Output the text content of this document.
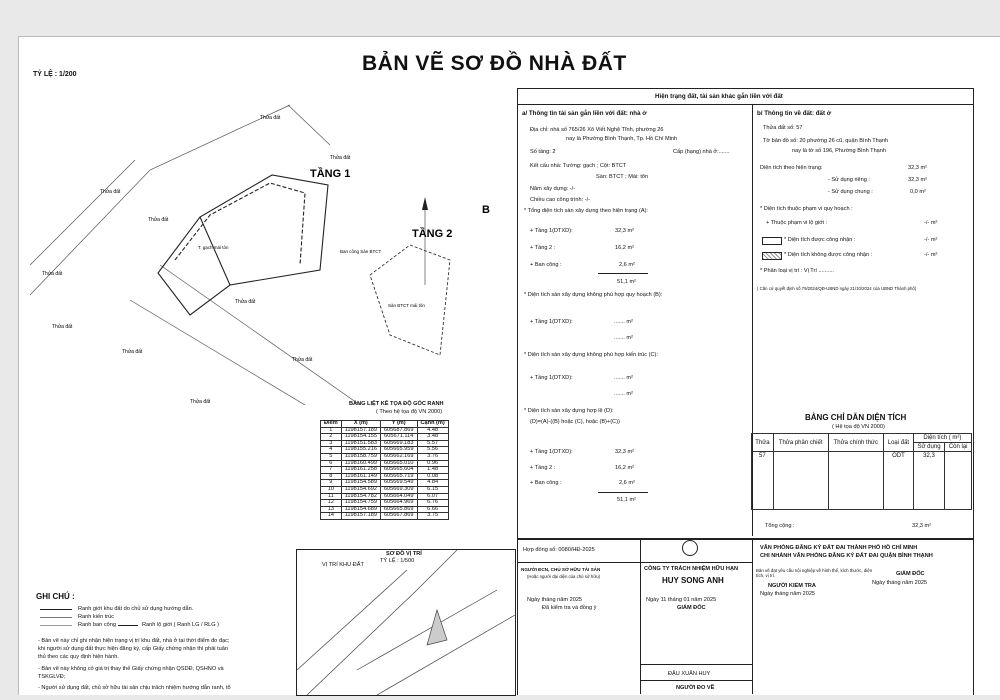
BẢN VẼ SƠ ĐỒ NHÀ ĐẤT
TỶ LỆ : 1/200
TẦNG 1
TẦNG 2
B
Thửa đất
Thửa đất
Thửa đất
Thửa đất
Thửa đất
Thửa đất
Thửa đất
Thửa đất
Thửa đất
Thửa đất
T. gạch mái tôn
Sàn BTCT mái tôn
Ban công Sàn BTCT
BẢNG LIỆT KÊ TỌA ĐỘ GÓC RANH
( Theo hệ tọa độ VN 2000)
Điểm	X (m)	Y (m)	Cạnh (m)
1	1198157.189	605687.869	4.48
2	1198154.155	605671.114	3.48
3	1198151.583	605669.183	5.57
4	1198155.216	605665.959	5.56
5	1198158.759	605662.169	3.76
6	1198160.499	605665.010	0.96
7	1198161.258	605665.604	1.48
8	1198161.149	605665.719	0.08
9	1198154.589	605669.549	4.84
10	1198154.692	605669.309	6.15
11	1198154.782	605664.049	6.07
12	1198154.759	605664.969	6.76
13	1198154.689	605665.869	6.66
14	1198157.189	605667.869	3.75
SƠ ĐỒ VỊ TRÍ
TỶ LỆ : 1/500
VỊ TRÍ KHU ĐẤT
GHI CHÚ :
Ranh giới khu đất do chủ sử dụng hướng dẫn.
Ranh kiến trúc
Ranh ban công	Ranh lộ giới ( Ranh LG / RLG )
- Bản vẽ này chỉ ghi nhận hiện trạng vị trí khu đất, nhà ở tại thời điểm đo đạc;
khi người sử dụng đất thực hiện đăng ký, cấp Giấy chứng nhận thì phải tuân
thủ theo các quy định hiện hành.
- Bản vẽ này không có giá trị thay thế Giấy chứng nhận QSDĐ, QSHNO và
TSKGLVĐ;
- Người sử dụng đất, chủ sở hữu tài sản chịu trách nhiệm hướng dẫn ranh, tổ
Hiện trạng đất, tài sản khác gắn liền với đất
a/ Thông tin tài sản gắn liền với đất: nhà ở
Địa chỉ: nhà số 765/26 Xô Viết Nghệ Tĩnh, phường 26
nay là Phường Bình Thạnh, Tp. Hồ Chí Minh
Số tầng: 2	Cấp (hạng) nhà ở:.......
Kết cấu nhà: Tường: gạch ; Cột: BTCT
Sàn: BTCT ; Mái: tôn
Năm xây dựng: -/-
Chiều cao công trình: -/-
* Tổng diện tích sàn xây dựng theo hiện trạng (A):
+ Tầng 1(DTXD):	32,3 m²
+ Tầng 2 :	16,2 m²
+ Ban công :	2,6 m²
51,1 m²
* Diện tích sàn xây dựng không phù hợp quy hoạch (B):
+ Tầng 1(DTXD):	....... m²
....... m²
* Diện tích sàn xây dựng không phù hợp kiến trúc (C):
+ Tầng 1(DTXD):	....... m²
....... m²
* Diện tích sàn xây dựng hợp lệ (D):
(D)=(A)-((B) hoặc (C), hoặc (B)+(C))
+ Tầng 1(DTXD):	32,3 m²
+ Tầng 2 :	16,2 m²
+ Ban công :	2,6 m²
51,1 m²
b/ Thông tin về đất: đất ở
Thửa đất số: 57
Tờ bản đồ số: 20 phường 26 cũ, quận Bình Thạnh
nay là tờ số 196, Phường Bình Thạnh
Diện tích theo hiện trạng:	32,3 m²
- Sử dụng riêng :	32,3 m²
- Sử dụng chung :	0,0 m²
* Diện tích thuộc phạm vi quy hoạch :
+ Thuộc phạm vi lộ giới :	-/- m²
* Diện tích được công nhận :	-/- m²
* Diện tích không được công nhận :	-/- m²
* Phân loại vị trí : Vị Trí ..........
( Căn cứ quyết định số 79/2024/QĐ-UBND ngày 21/10/2024 của UBND Thành phố)
BẢNG CHỈ DẪN DIỆN TÍCH
( Hệ tọa độ VN 2000)
Thửa	Thửa phân chiết	Thửa chính thức	Loại đất	Diện tích ( m²)	
				Sử dụng	Còn lại
57			ODT	32,3	
Tổng cộng :	32,3 m²
Hợp đồng số: 0080/HĐ-2025
CÔNG TY TRÁCH NHIỆM HỮU HẠN
HUY SONG ANH
VĂN PHÒNG ĐĂNG KÝ ĐẤT ĐAI THÀNH PHỐ HỒ CHÍ MINH
CHI NHÁNH VĂN PHÒNG ĐĂNG KÝ ĐẤT ĐAI QUẬN BÌNH THẠNH
NGƯỜI ĐCN, CHỦ SỞ HỮU TÀI SẢN
(Hoặc người đại diện của chủ sở hữu)
Ngày tháng năm 2025
Đã kiểm tra và đồng ý
Ngày 11 tháng 01 năm 2025
GIÁM ĐỐC
Bản vẽ đạt yêu cầu nội nghiệp về hình thể, kích thước, diện tích, vị trí.
NGƯỜI KIỂM TRA
Ngày tháng năm 2025
GIÁM ĐỐC
Ngày tháng năm 2025
ĐẬU XUÂN HUY
NGƯỜI ĐO VẼ
